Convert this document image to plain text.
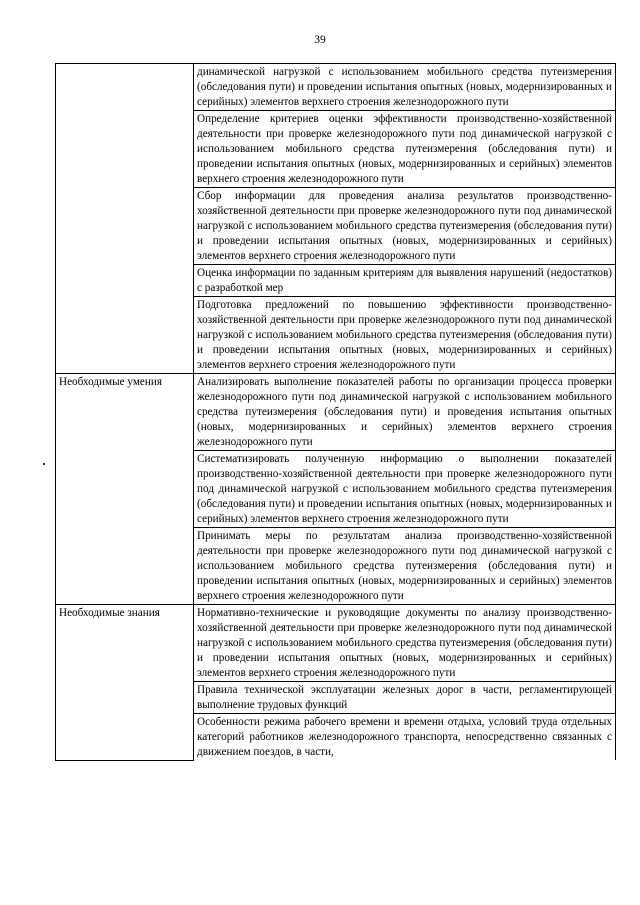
39
	динамической нагрузкой с использованием мобильного средства путеизмерения (обследования пути) и проведении испытания опытных (новых, модернизированных и серийных) элементов верхнего строения железнодорожного пути
	Определение критериев оценки эффективности производственно-хозяйственной деятельности при проверке железнодорожного пути под динамической нагрузкой с использованием мобильного средства путеизмерения (обследования пути) и проведении испытания опытных (новых, модернизированных и серийных) элементов верхнего строения железнодорожного пути
	Сбор информации для проведения анализа результатов производственно-хозяйственной деятельности при проверке железнодорожного пути под динамической нагрузкой с использованием мобильного средства путеизмерения (обследования пути) и проведении испытания опытных (новых, модернизированных и серийных) элементов верхнего строения железнодорожного пути
	Оценка информации по заданным критериям для выявления нарушений (недостатков) с разработкой мер
	Подготовка предложений по повышению эффективности производственно-хозяйственной деятельности при проверке железнодорожного пути под динамической нагрузкой с использованием мобильного средства путеизмерения (обследования пути) и проведении испытания опытных (новых, модернизированных и серийных) элементов верхнего строения железнодорожного пути
Необходимые умения	Анализировать выполнение показателей работы по организации процесса проверки железнодорожного пути под динамической нагрузкой с использованием мобильного средства путеизмерения (обследования пути) и проведения испытания опытных (новых, модернизированных и серийных) элементов верхнего строения железнодорожного пути
	Систематизировать полученную информацию о выполнении показателей производственно-хозяйственной деятельности при проверке железнодорожного пути под динамической нагрузкой с использованием мобильного средства путеизмерения (обследования пути) и проведении испытания опытных (новых, модернизированных и серийных) элементов верхнего строения железнодорожного пути
	Принимать меры по результатам анализа производственно-хозяйственной деятельности при проверке железнодорожного пути под динамической нагрузкой с использованием мобильного средства путеизмерения (обследования пути) и проведении испытания опытных (новых, модернизированных и серийных) элементов верхнего строения железнодорожного пути
Необходимые знания	Нормативно-технические и руководящие документы по анализу производственно-хозяйственной деятельности при проверке железнодорожного пути под динамической нагрузкой с использованием мобильного средства путеизмерения (обследования пути) и проведении испытания опытных (новых, модернизированных и серийных) элементов верхнего строения железнодорожного пути
	Правила технической эксплуатации железных дорог в части, регламентирующей выполнение трудовых функций
	Особенности режима рабочего времени и времени отдыха, условий труда отдельных категорий работников железнодорожного транспорта, непосредственно связанных с движением поездов, в части,
